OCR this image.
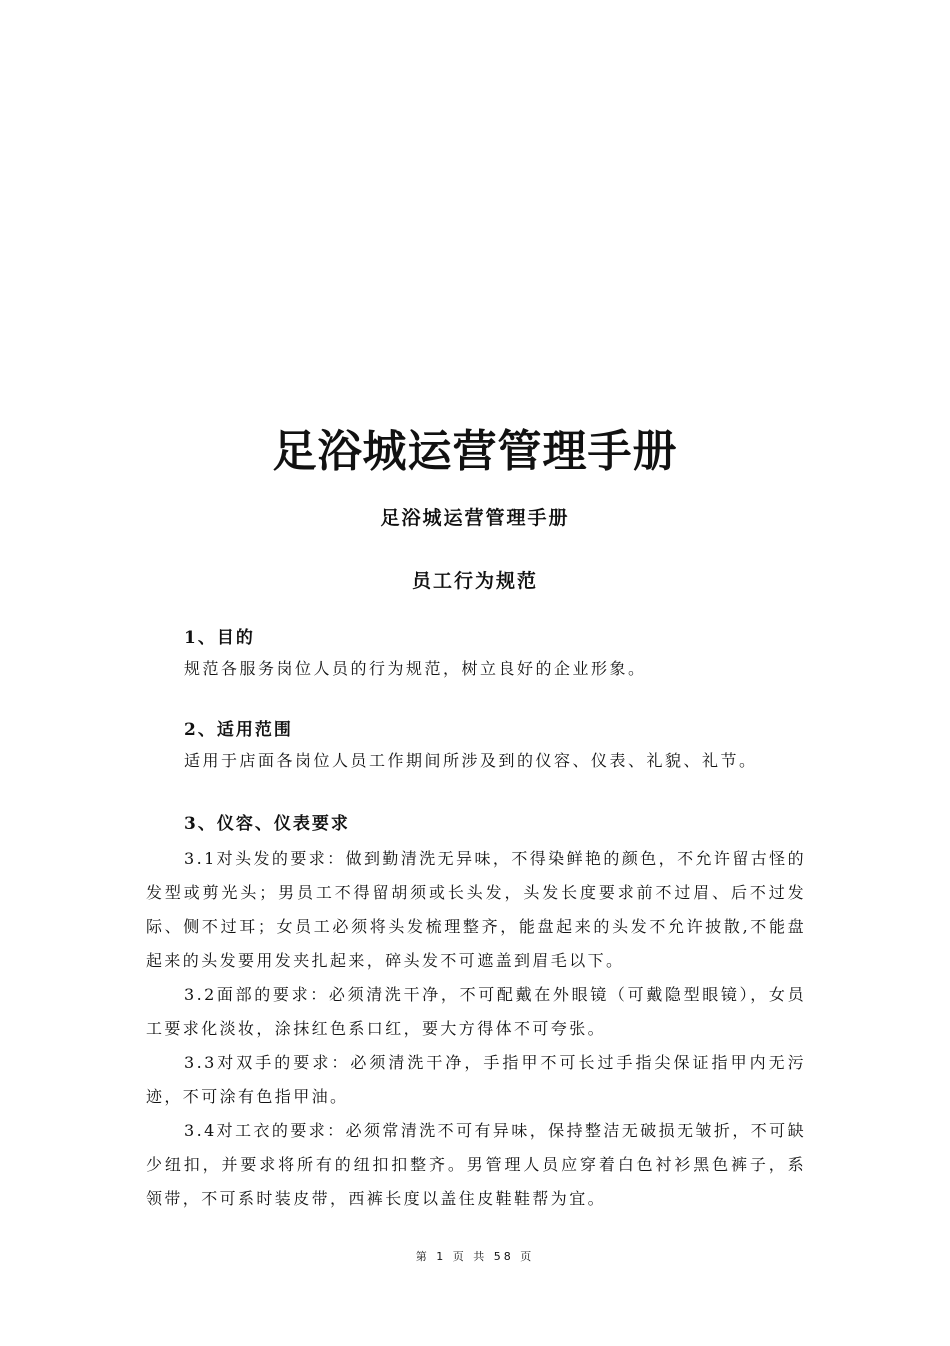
足浴城运营管理手册
足浴城运营管理手册
员工行为规范

1、目的

规范各服务岗位人员的行为规范，树立良好的企业形象。

2、适用范围

适用于店面各岗位人员工作期间所涉及到的仪容、仪表、礼貌、礼节。

3、仪容、仪表要求

3.1对头发的要求：做到勤清洗无异味，不得染鲜艳的颜色，不允许留古怪的发型或剪光头；男员工不得留胡须或长头发，头发长度要求前不过眉、后不过发际、侧不过耳；女员工必须将头发梳理整齐，能盘起来的头发不允许披散,不能盘起来的头发要用发夹扎起来，碎头发不可遮盖到眉毛以下。

3.2面部的要求：必须清洗干净，不可配戴在外眼镜（可戴隐型眼镜），女员工要求化淡妆，涂抹红色系口红，要大方得体不可夸张。

3.3对双手的要求：必须清洗干净，手指甲不可长过手指尖保证指甲内无污迹，不可涂有色指甲油。

3.4对工衣的要求：必须常清洗不可有异味，保持整洁无破损无皱折，不可缺少纽扣，并要求将所有的纽扣扣整齐。男管理人员应穿着白色衬衫黑色裤子，系领带，不可系时装皮带，西裤长度以盖住皮鞋鞋帮为宜。

第 1 页 共 58 页
